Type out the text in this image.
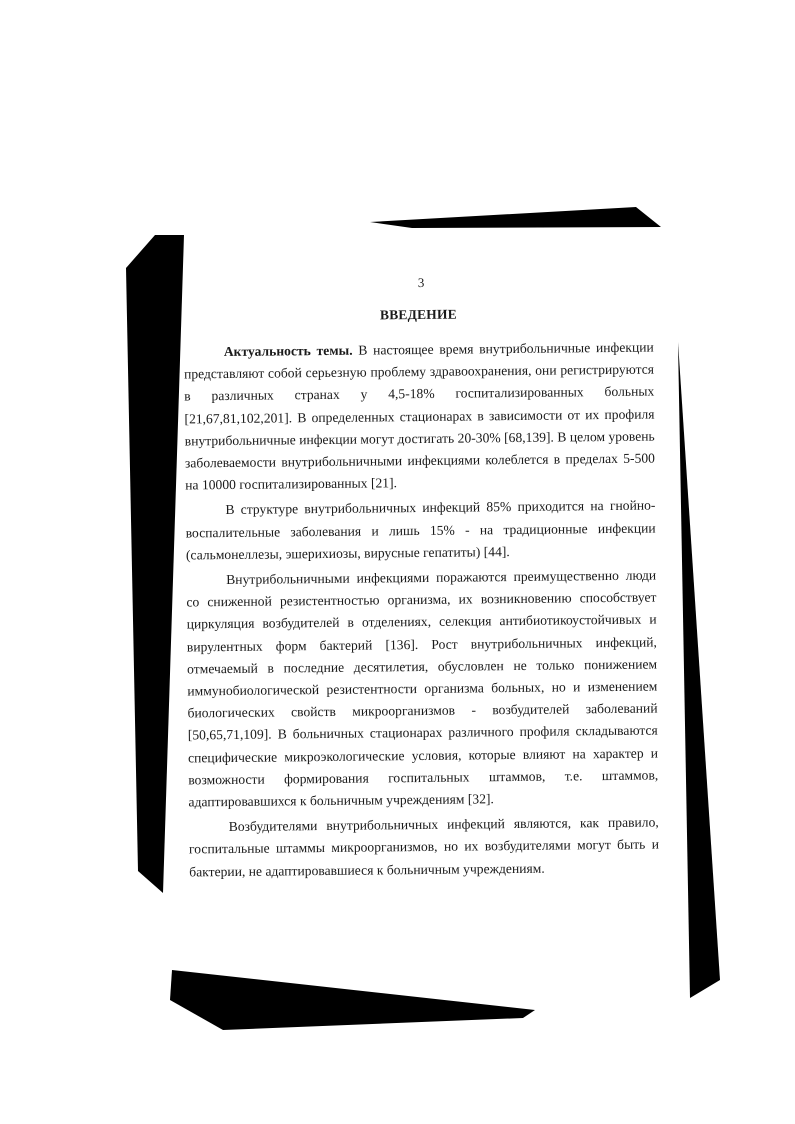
3
ВВЕДЕНИЕ

Актуальность темы. В настоящее время внутрибольничные инфекции представляют собой серьезную проблему здравоохранения, они регистрируются в различных странах у 4,5-18% госпитализированных больных [21,67,81,102,201]. В определенных стационарах в зависимости от их профиля внутрибольничные инфекции могут достигать 20-30% [68,139]. В целом уровень заболеваемости внутрибольничными инфекциями колеблется в пределах 5-500 на 10000 госпитализированных [21].

В структуре внутрибольничных инфекций 85% приходится на гнойно-воспалительные заболевания и лишь 15% - на традиционные инфекции (сальмонеллезы, эшерихиозы, вирусные гепатиты) [44].

Внутрибольничными инфекциями поражаются преимущественно люди со сниженной резистентностью организма, их возникновению способствует циркуляция возбудителей в отделениях, селекция антибиотикоустойчивых и вирулентных форм бактерий [136]. Рост внутрибольничных инфекций, отмечаемый в последние десятилетия, обусловлен не только понижением иммунобиологической резистентности организма больных, но и изменением биологических свойств микроорганизмов - возбудителей заболеваний [50,65,71,109]. В больничных стационарах различного профиля складываются специфические микроэкологические условия, которые влияют на характер и возможности формирования госпитальных штаммов, т.е. штаммов, адаптировавшихся к больничным учреждениям [32].

Возбудителями внутрибольничных инфекций являются, как правило, госпитальные штаммы микроорганизмов, но их возбудителями могут быть и бактерии, не адаптировавшиеся к больничным учреждениям.
